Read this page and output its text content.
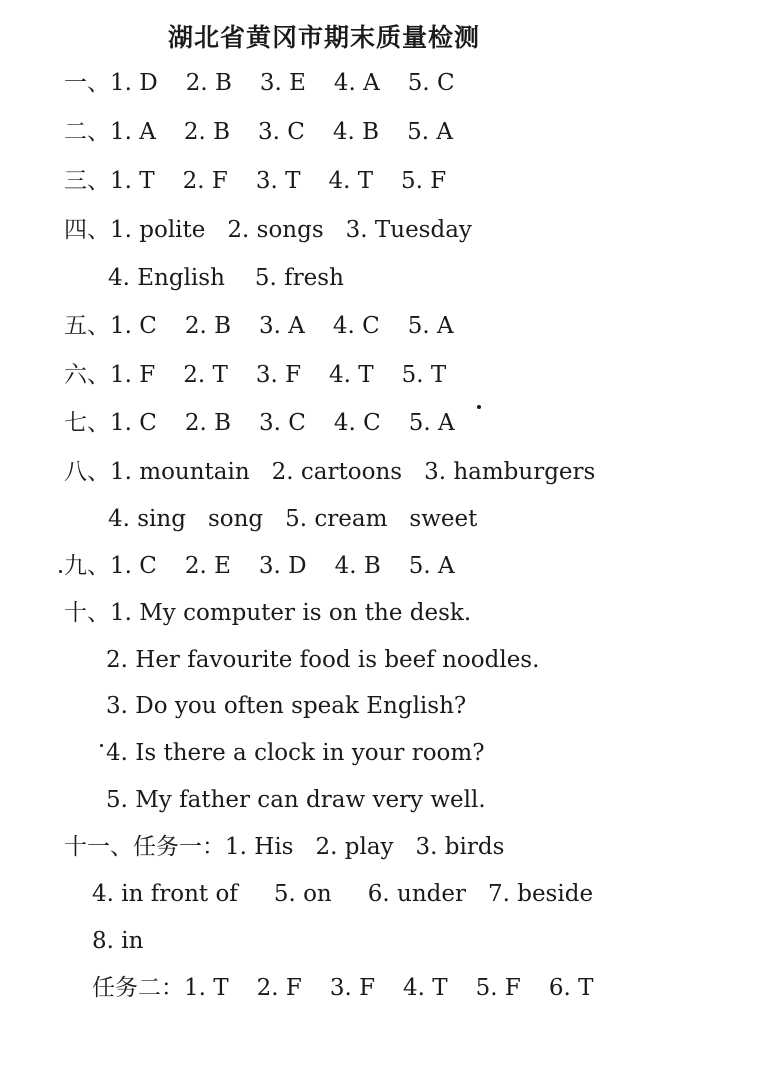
湖北省黄冈市期末质量检测
一、1. D 2. B 3. E 4. A 5. C
二、1. A 2. B 3. C 4. B 5. A
三、1. T 2. F 3. T 4. T 5. F
四、1. polite 2. songs 3. Tuesday
4. English 5. fresh
五、1. C 2. B 3. A 4. C 5. A
六、1. F 2. T 3. F 4. T 5. T
七、1. C 2. B 3. C 4. C 5. A
八、1. mountain 2. cartoons 3. hamburgers
4. sing song 5. cream sweet
九、1. C 2. E 3. D 4. B 5. A
十、1. My computer is on the desk.
2. Her favourite food is beef noodles.
3. Do you often speak English?
4. Is there a clock in your room?
5. My father can draw very well.
十一、任务一：1. His 2. play 3. birds
4. in front of 5. on 6. under 7. beside
8. in
任务二：1. T 2. F 3. F 4. T 5. F 6. T
